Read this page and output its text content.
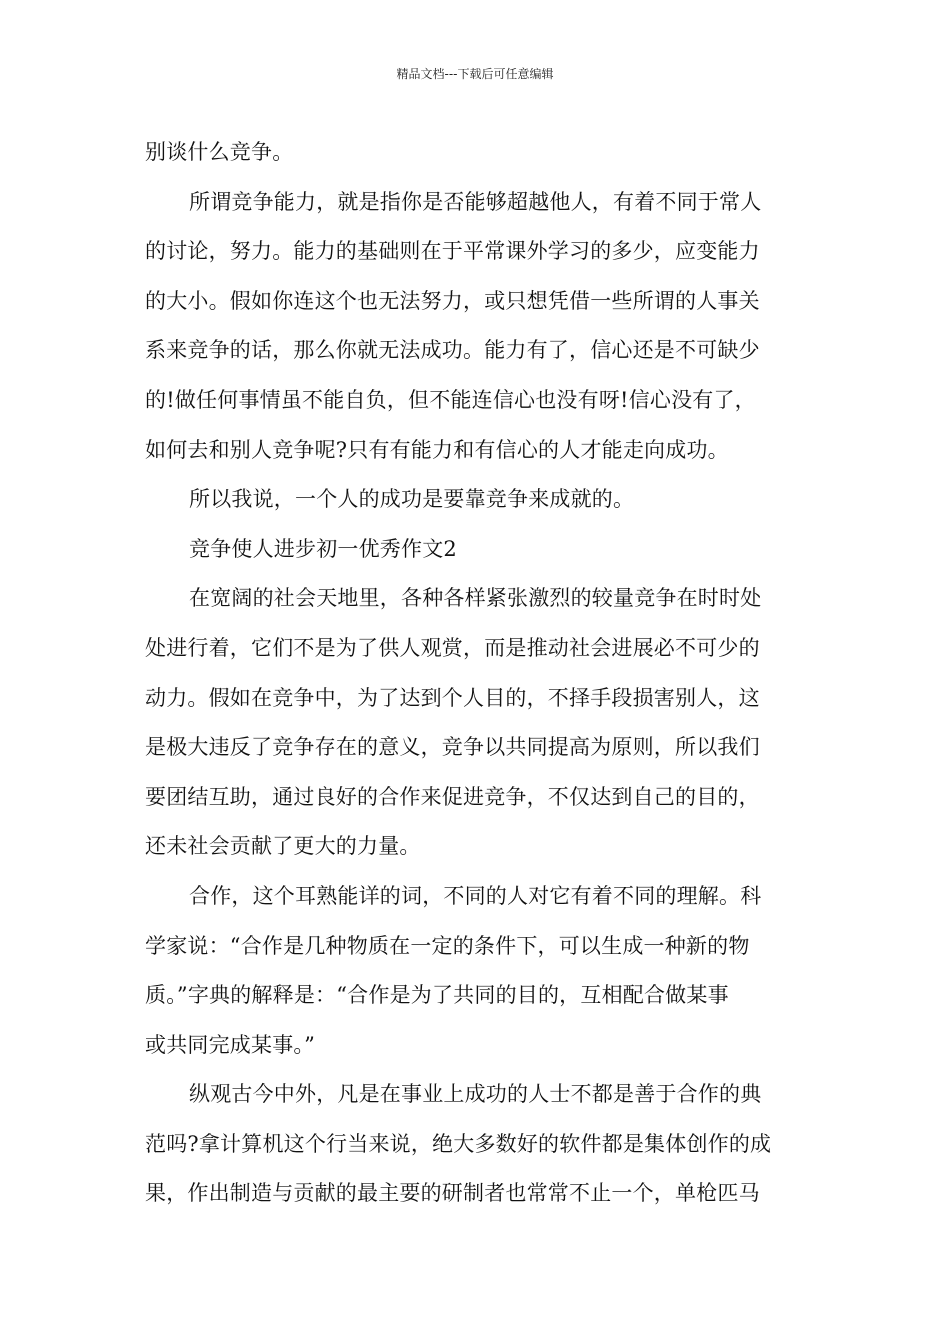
精品文档---下载后可任意编辑
别谈什么竞争。
所谓竞争能力，就是指你是否能够超越他人，有着不同于常人
的讨论，努力。能力的基础则在于平常课外学习的多少，应变能力
的大小。假如你连这个也无法努力，或只想凭借一些所谓的人事关
系来竞争的话，那么你就无法成功。能力有了，信心还是不可缺少
的!做任何事情虽不能自负，但不能连信心也没有呀!信心没有了，
如何去和别人竞争呢?只有有能力和有信心的人才能走向成功。
所以我说，一个人的成功是要靠竞争来成就的。
竞争使人进步初一优秀作文2
在宽阔的社会天地里，各种各样紧张激烈的较量竞争在时时处
处进行着，它们不是为了供人观赏，而是推动社会进展必不可少的
动力。假如在竞争中，为了达到个人目的，不择手段损害别人，这
是极大违反了竞争存在的意义，竞争以共同提高为原则，所以我们
要团结互助，通过良好的合作来促进竞争，不仅达到自己的目的，
还未社会贡献了更大的力量。
合作，这个耳熟能详的词，不同的人对它有着不同的理解。科
学家说：“合作是几种物质在一定的条件下，可以生成一种新的物
质。”字典的解释是：“合作是为了共同的目的，互相配合做某事
或共同完成某事。”
纵观古今中外，凡是在事业上成功的人士不都是善于合作的典
范吗?拿计算机这个行当来说，绝大多数好的软件都是集体创作的成
果，作出制造与贡献的最主要的研制者也常常不止一个，单枪匹马
